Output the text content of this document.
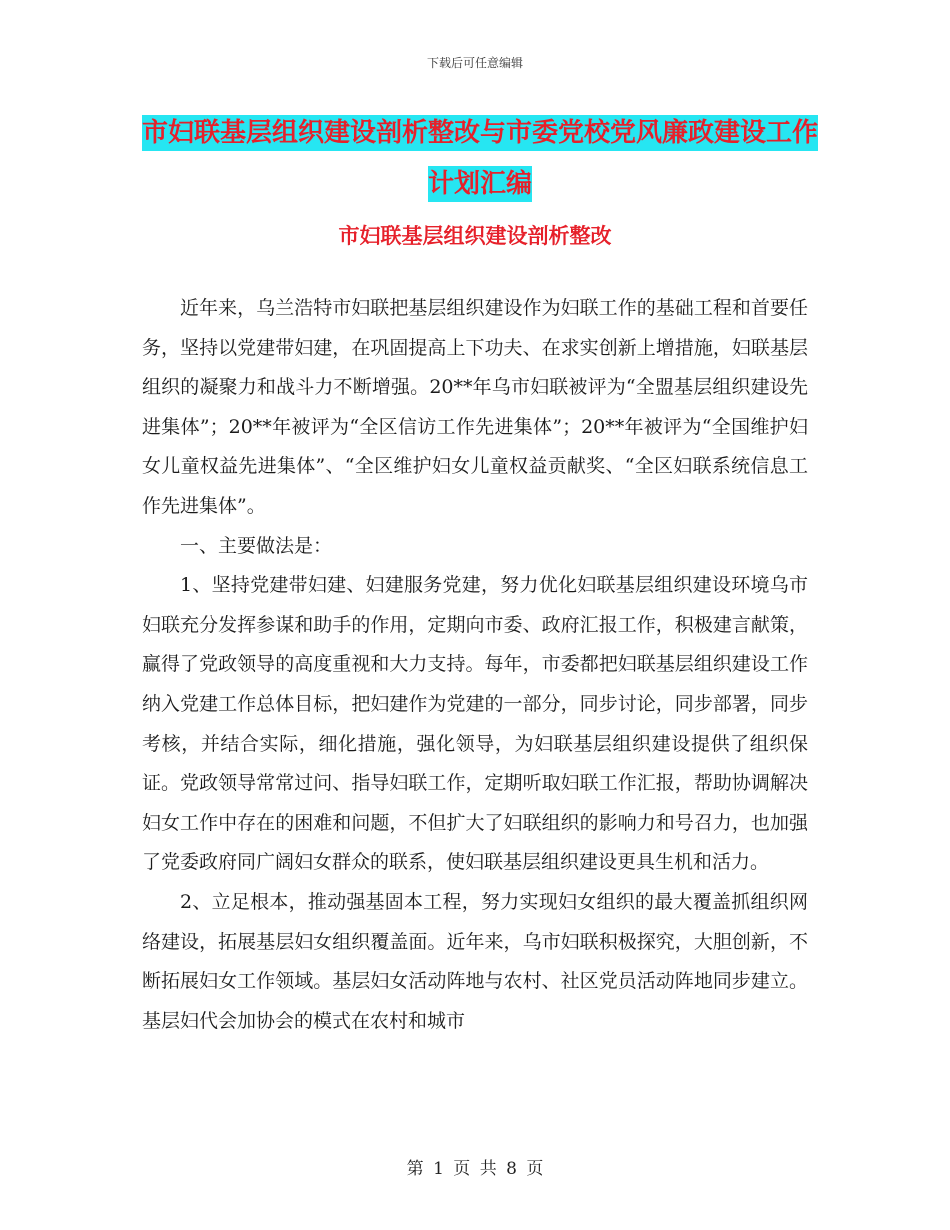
下载后可任意编辑
市妇联基层组织建设剖析整改与市委党校党风廉政建设工作计划汇编
市妇联基层组织建设剖析整改

近年来，乌兰浩特市妇联把基层组织建设作为妇联工作的基础工程和首要任务，坚持以党建带妇建，在巩固提高上下功夫、在求实创新上增措施，妇联基层组织的凝聚力和战斗力不断增强。20**年乌市妇联被评为“全盟基层组织建设先进集体”；20**年被评为“全区信访工作先进集体”；20**年被评为“全国维护妇女儿童权益先进集体”、“全区维护妇女儿童权益贡献奖、“全区妇联系统信息工作先进集体”。

一、主要做法是：

1、坚持党建带妇建、妇建服务党建，努力优化妇联基层组织建设环境乌市妇联充分发挥参谋和助手的作用，定期向市委、政府汇报工作，积极建言献策，赢得了党政领导的高度重视和大力支持。每年，市委都把妇联基层组织建设工作纳入党建工作总体目标，把妇建作为党建的一部分，同步讨论，同步部署，同步考核，并结合实际，细化措施，强化领导，为妇联基层组织建设提供了组织保证。党政领导常常过问、指导妇联工作，定期听取妇联工作汇报，帮助协调解决妇女工作中存在的困难和问题，不但扩大了妇联组织的影响力和号召力，也加强了党委政府同广阔妇女群众的联系，使妇联基层组织建设更具生机和活力。

2、立足根本，推动强基固本工程，努力实现妇女组织的最大覆盖抓组织网络建设，拓展基层妇女组织覆盖面。近年来，乌市妇联积极探究，大胆创新，不断拓展妇女工作领域。基层妇女活动阵地与农村、社区党员活动阵地同步建立。基层妇代会加协会的模式在农村和城市

第 1 页 共 8 页
